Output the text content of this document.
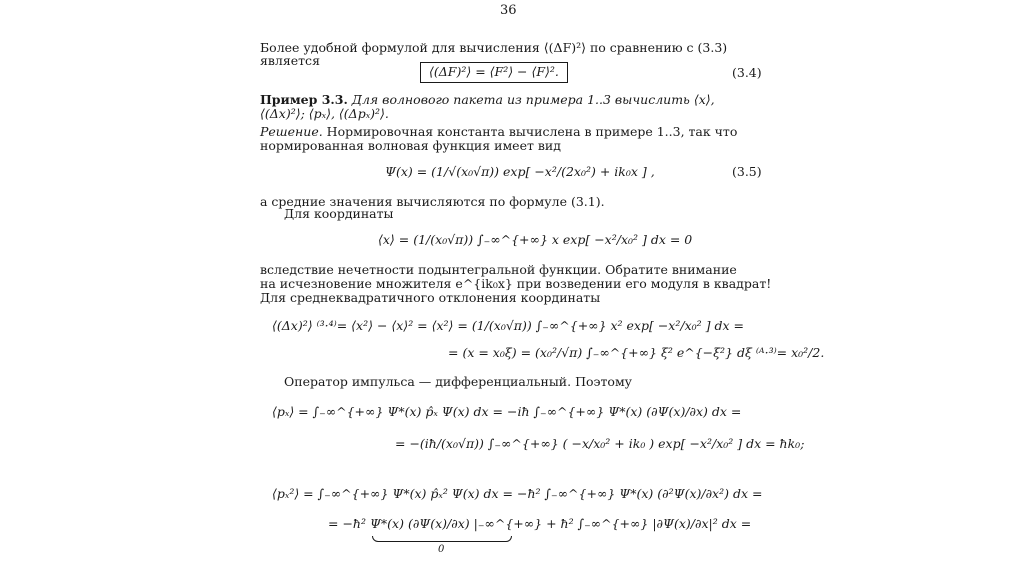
36
Более удобной формулой для вычисления ⟨(ΔF)²⟩ по сравнению с (3.3)
является
⟨(ΔF)²⟩ = ⟨F²⟩ − ⟨F⟩².	(3.4)
Пример 3.3. Для волнового пакета из примера 1..3 вычислить ⟨x⟩,
⟨(Δx)²⟩; ⟨pₓ⟩, ⟨(Δpₓ)²⟩.
Решение. Нормировочная константа вычислена в примере 1..3, так что
нормированная волновая функция имеет вид
Ψ(x) = (1/√(x₀√π)) exp[ −x²/(2x₀²) + ik₀x ] ,	(3.5)
а средние значения вычисляются по формуле (3.1).
Для координаты
⟨x⟩ = (1/(x₀√π)) ∫₋∞^{+∞} x exp[ −x²/x₀² ] dx = 0
вследствие нечетности подынтегральной функции. Обратите внимание
на исчезновение множителя e^{ik₀x} при возведении его модуля в квадрат!
Для среднеквадратичного отклонения координаты
⟨(Δx)²⟩ ⁽³·⁴⁾= ⟨x²⟩ − ⟨x⟩² = ⟨x²⟩ = (1/(x₀√π)) ∫₋∞^{+∞} x² exp[ −x²/x₀² ] dx =
= (x = x₀ξ) = (x₀²/√π) ∫₋∞^{+∞} ξ² e^{−ξ²} dξ ⁽ᴬ·³⁾= x₀²/2.
Оператор импульса — дифференциальный. Поэтому
⟨pₓ⟩ = ∫₋∞^{+∞} Ψ*(x) p̂ₓ Ψ(x) dx = −iħ ∫₋∞^{+∞} Ψ*(x) (∂Ψ(x)/∂x) dx =
= −(iħ/(x₀√π)) ∫₋∞^{+∞} ( −x/x₀² + ik₀ ) exp[ −x²/x₀² ] dx = ħk₀;
⟨pₓ²⟩ = ∫₋∞^{+∞} Ψ*(x) p̂ₓ² Ψ(x) dx = −ħ² ∫₋∞^{+∞} Ψ*(x) (∂²Ψ(x)/∂x²) dx =
= −ħ² Ψ*(x) (∂Ψ(x)/∂x) |₋∞^{+∞} + ħ² ∫₋∞^{+∞} |∂Ψ(x)/∂x|² dx =
0
